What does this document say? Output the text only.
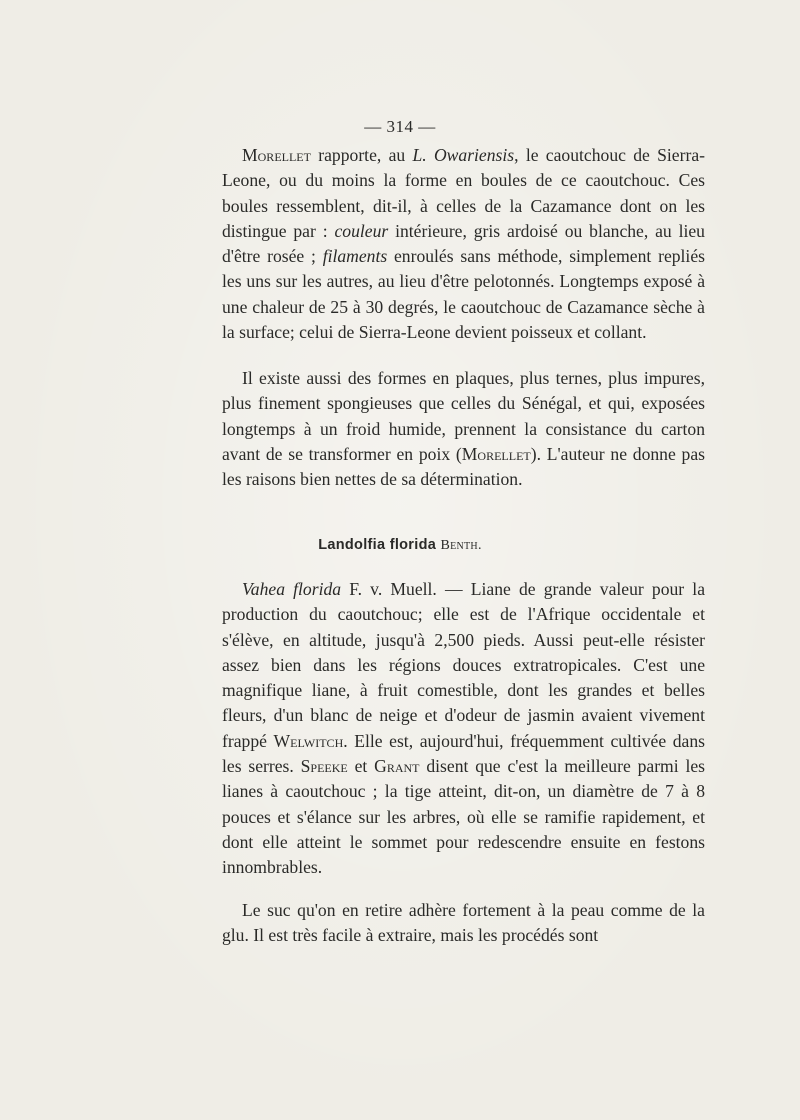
— 314 —

Morellet rapporte, au L. Owariensis, le caoutchouc de Sierra-Leone, ou du moins la forme en boules de ce caoutchouc. Ces boules ressemblent, dit-il, à celles de la Cazamance dont on les distingue par : couleur intérieure, gris ardoisé ou blanche, au lieu d'être rosée ; filaments enroulés sans méthode, simplement repliés les uns sur les autres, au lieu d'être pelotonnés. Longtemps exposé à une chaleur de 25 à 30 degrés, le caoutchouc de Cazamance sèche à la surface; celui de Sierra-Leone devient poisseux et collant.

Il existe aussi des formes en plaques, plus ternes, plus impures, plus finement spongieuses que celles du Sénégal, et qui, exposées longtemps à un froid humide, prennent la consistance du carton avant de se transformer en poix (Morellet). L'auteur ne donne pas les raisons bien nettes de sa détermination.

Landolfia florida Benth.

Vahea florida F. v. Muell. — Liane de grande valeur pour la production du caoutchouc; elle est de l'Afrique occidentale et s'élève, en altitude, jusqu'à 2,500 pieds. Aussi peut-elle résister assez bien dans les régions douces extratropicales. C'est une magnifique liane, à fruit comestible, dont les grandes et belles fleurs, d'un blanc de neige et d'odeur de jasmin avaient vivement frappé Welwitch. Elle est, aujourd'hui, fréquemment cultivée dans les serres. Speeke et Grant disent que c'est la meilleure parmi les lianes à caoutchouc ; la tige atteint, dit-on, un diamètre de 7 à 8 pouces et s'élance sur les arbres, où elle se ramifie rapidement, et dont elle atteint le sommet pour redescendre ensuite en festons innombrables.

Le suc qu'on en retire adhère fortement à la peau comme de la glu. Il est très facile à extraire, mais les procédés sont
